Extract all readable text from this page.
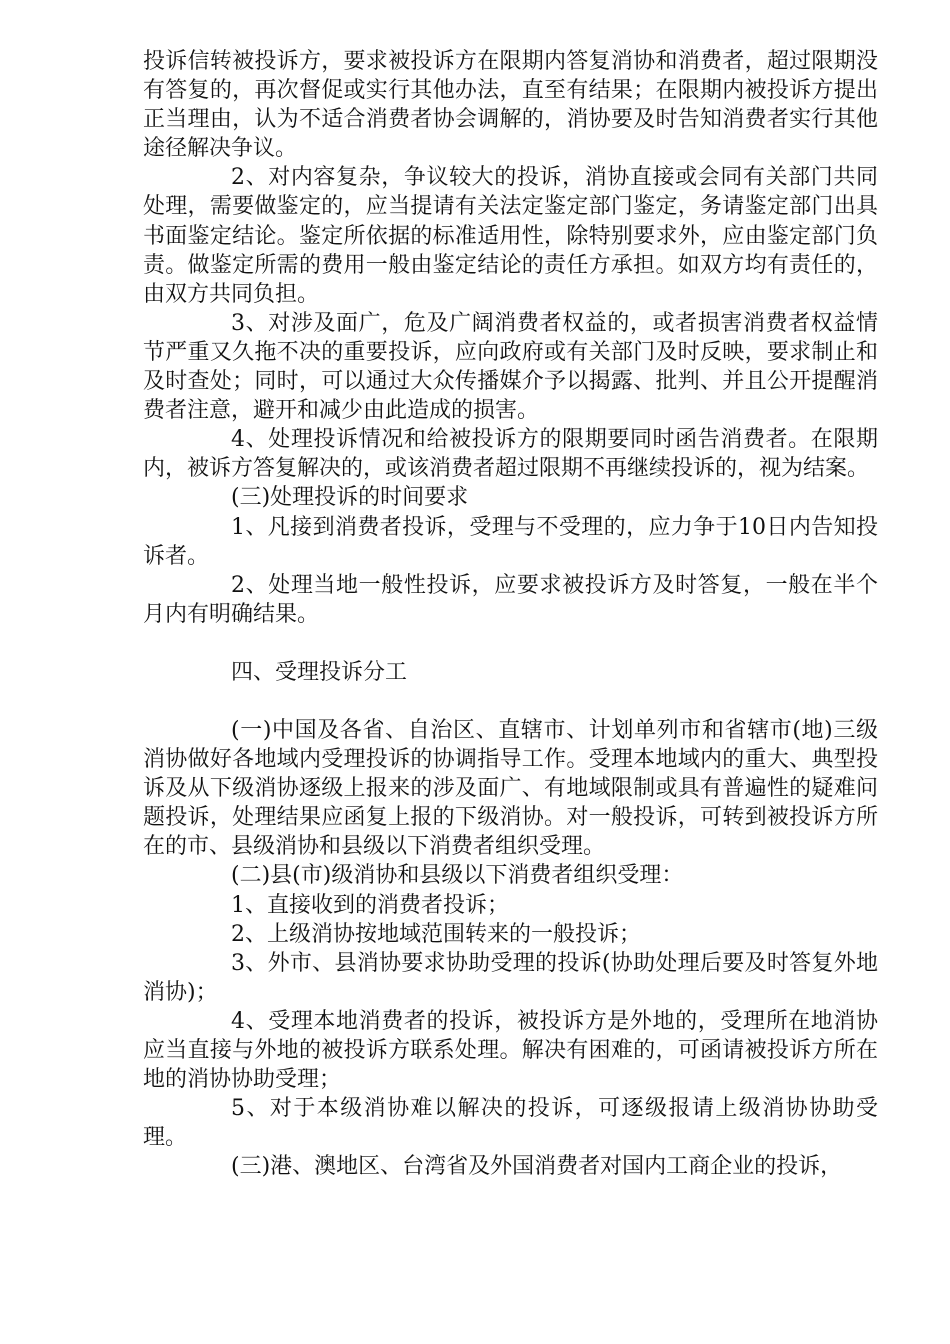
投诉信转被投诉方，要求被投诉方在限期内答复消协和消费者，超过限期没有答复的，再次督促或实行其他办法，直至有结果；在限期内被投诉方提出正当理由，认为不适合消费者协会调解的，消协要及时告知消费者实行其他途径解决争议。

2、对内容复杂，争议较大的投诉，消协直接或会同有关部门共同处理，需要做鉴定的，应当提请有关法定鉴定部门鉴定，务请鉴定部门出具书面鉴定结论。鉴定所依据的标准适用性，除特别要求外，应由鉴定部门负责。做鉴定所需的费用一般由鉴定结论的责任方承担。如双方均有责任的，由双方共同负担。

3、对涉及面广，危及广阔消费者权益的，或者损害消费者权益情节严重又久拖不决的重要投诉，应向政府或有关部门及时反映，要求制止和及时查处；同时，可以通过大众传播媒介予以揭露、批判、并且公开提醒消费者注意，避开和减少由此造成的损害。

4、处理投诉情况和给被投诉方的限期要同时函告消费者。在限期内，被诉方答复解决的，或该消费者超过限期不再继续投诉的，视为结案。

(三)处理投诉的时间要求

1、凡接到消费者投诉，受理与不受理的，应力争于10日内告知投诉者。

2、处理当地一般性投诉，应要求被投诉方及时答复，一般在半个月内有明确结果。

四、受理投诉分工

(一)中国及各省、自治区、直辖市、计划单列市和省辖市(地)三级消协做好各地域内受理投诉的协调指导工作。受理本地域内的重大、典型投诉及从下级消协逐级上报来的涉及面广、有地域限制或具有普遍性的疑难问题投诉，处理结果应函复上报的下级消协。对一般投诉，可转到被投诉方所在的市、县级消协和县级以下消费者组织受理。

(二)县(市)级消协和县级以下消费者组织受理：

1、直接收到的消费者投诉；

2、上级消协按地域范围转来的一般投诉；

3、外市、县消协要求协助受理的投诉(协助处理后要及时答复外地消协)；

4、受理本地消费者的投诉，被投诉方是外地的，受理所在地消协应当直接与外地的被投诉方联系处理。解决有困难的，可函请被投诉方所在地的消协协助受理；

5、对于本级消协难以解决的投诉，可逐级报请上级消协协助受理。

(三)港、澳地区、台湾省及外国消费者对国内工商企业的投诉，
